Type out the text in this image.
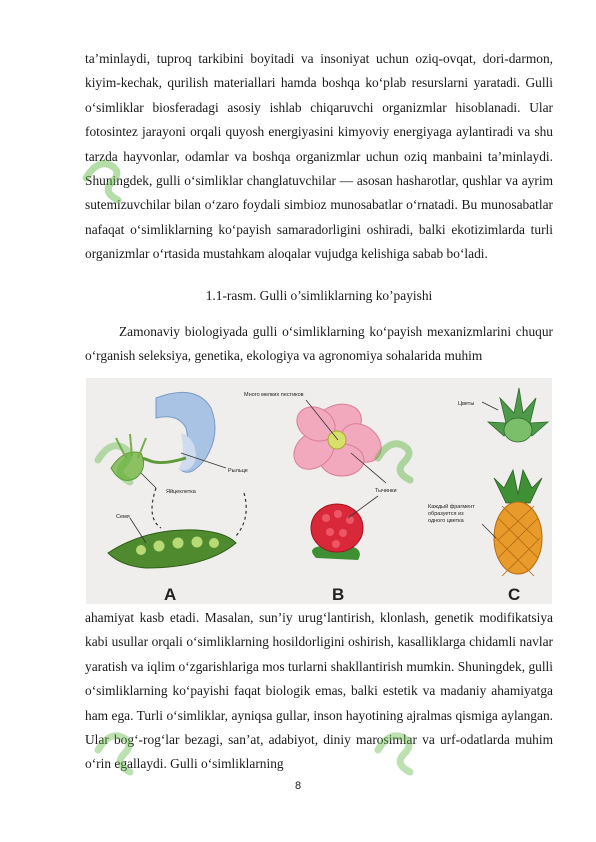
ta’minlaydi, tuproq tarkibini boyitadi va insoniyat uchun oziq-ovqat, dori-darmon, kiyim-kechak, qurilish materiallari hamda boshqa ko‘plab resurslarni yaratadi. Gulli o‘simliklar biosferadagi asosiy ishlab chiqaruvchi organizmlar hisoblanadi. Ular fotosintez jarayoni orqali quyosh energiyasini kimyoviy energiyaga aylantiradi va shu tarzda hayvonlar, odamlar va boshqa organizmlar uchun oziq manbaini ta’minlaydi. Shuningdek, gulli o‘simliklar changlatuvchilar — asosan hasharotlar, qushlar va ayrim sutemizuvchilar bilan o‘zaro foydali simbioz munosabatlar o‘rnatadi. Bu munosabatlar nafaqat o‘simliklarning ko‘payish samaradorligini oshiradi, balki ekotizimlarda turli organizmlar o‘rtasida mustahkam aloqalar vujudga kelishiga sabab bo‘ladi.

1.1-rasm. Gulli o’simliklarning ko’payishi

Zamonaviy biologiyada gulli o‘simliklarning ko‘payish mexanizmlarini chuqur o‘rganish seleksiya, genetika, ekologiya va agronomiya sohalarida muhim

Рыльце
Яйцеклетка
Семя
A
Много мелких пестиков
Тычинки
B
Цветы
Каждый фрагмент
образуется из
одного цветка
C

ahamiyat kasb etadi. Masalan, sun’iy urug‘lantirish, klonlash, genetik modifikatsiya kabi usullar orqali o‘simliklarning hosildorligini oshirish, kasalliklarga chidamli navlar yaratish va iqlim o‘zgarishlariga mos turlarni shakllantirish mumkin. Shuningdek, gulli o‘simliklarning ko‘payishi faqat biologik emas, balki estetik va madaniy ahamiyatga ham ega. Turli o‘simliklar, ayniqsa gullar, inson hayotining ajralmas qismiga aylangan. Ular bog‘-rog‘lar bezagi, san’at, adabiyot, diniy marosimlar va urf-odatlarda muhim o‘rin egallaydi. Gulli o‘simliklarning

8
